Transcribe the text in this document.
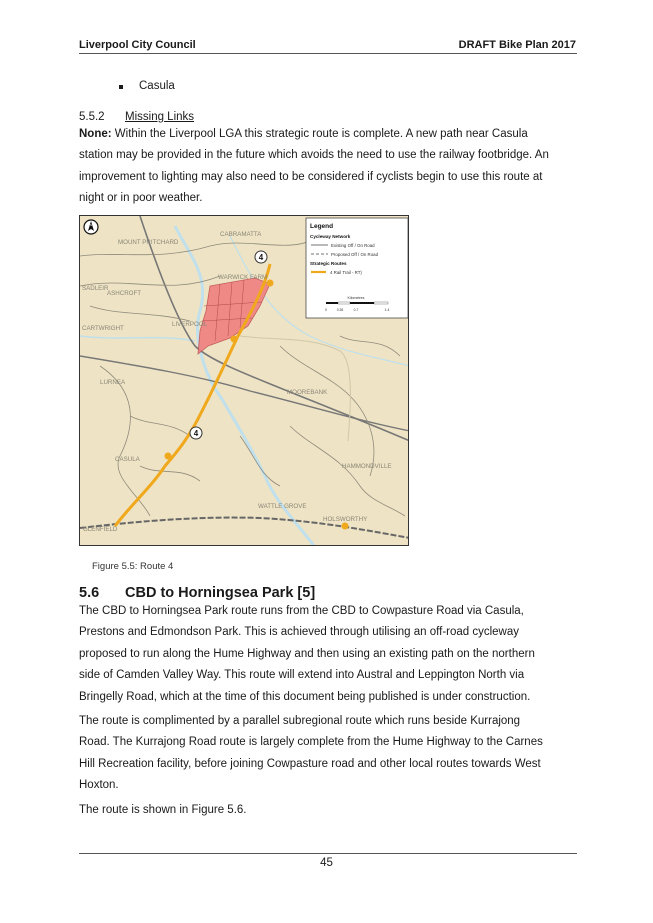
Liverpool City Council	DRAFT Bike Plan 2017
Casula
5.5.2 Missing Links
None: Within the Liverpool LGA this strategic route is complete. A new path near Casula
station may be provided in the future which avoids the need to use the railway footbridge. An
improvement to lighting may also need to be considered if cyclists begin to use this route at
night or in poor weather.
4
4
N
MOUNT PRITCHARD
CABRAMATTA
WARWICK FARM
SADLEIR
ASHCROFT
CARTWRIGHT
LIVERPOOL
LURNEA
MOOREBANK
CASULA
HAMMONDVILLE
WATTLE GROVE
HOLSWORTHY
GLENFIELD
Legend
Cycleway Network
Existing Off / On Road
Proposed Off / On Road
Strategic Routes
4 Rail Trail - RT)
Kilometres
0	0.35	0.7	1.4
Figure 5.5: Route 4
5.6 CBD to Horningsea Park [5]
The CBD to Horningsea Park route runs from the CBD to Cowpasture Road via Casula,
Prestons and Edmondson Park. This is achieved through utilising an off-road cycleway
proposed to run along the Hume Highway and then using an existing path on the northern
side of Camden Valley Way. This route will extend into Austral and Leppington North via
Bringelly Road, which at the time of this document being published is under construction.
The route is complimented by a parallel subregional route which runs beside Kurrajong
Road. The Kurrajong Road route is largely complete from the Hume Highway to the Carnes
Hill Recreation facility, before joining Cowpasture road and other local routes towards West
Hoxton.
The route is shown in Figure 5.6.
45
